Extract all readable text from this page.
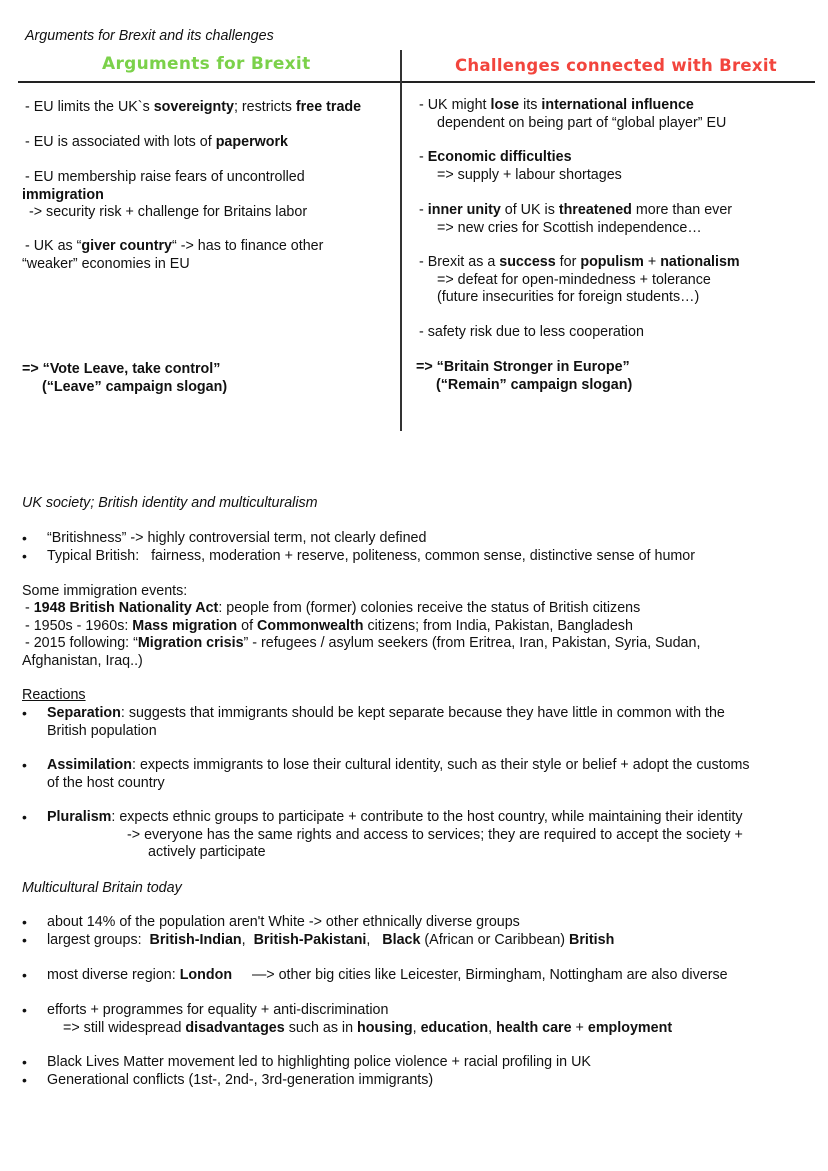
Arguments for Brexit and its challenges
Arguments for Brexit	Challenges connected with Brexit
- EU limits the UK`s sovereignty; restricts free trade
- EU is associated with lots of paperwork
- EU membership raise fears of uncontrolled
immigration
-> security risk + challenge for Britains labor
- UK as “giver country“ -> has to finance other
“weaker” economies in EU
=> “Vote Leave, take control”
(“Leave” campaign slogan)
- UK might lose its international influence
dependent on being part of “global player” EU
- Economic difficulties
=> supply + labour shortages
- inner unity of UK is threatened more than ever
=> new cries for Scottish independence…
- Brexit as a success for populism + nationalism
=> defeat for open-mindedness + tolerance
(future insecurities for foreign students…)
- safety risk due to less cooperation
=> “Britain Stronger in Europe”
(“Remain” campaign slogan)
UK society; British identity and multiculturalism
• “Britishness” -> highly controversial term, not clearly defined
• Typical British:   fairness, moderation + reserve, politeness, common sense, distinctive sense of humor
Some immigration events:
- 1948 British Nationality Act: people from (former) colonies receive the status of British citizens
- 1950s - 1960s: Mass migration of Commonwealth citizens; from India, Pakistan, Bangladesh
- 2015 following: “Migration crisis” - refugees / asylum seekers (from Eritrea, Iran, Pakistan, Syria, Sudan,
Afghanistan, Iraq..)
Reactions
• Separation: suggests that immigrants should be kept separate because they have little in common with the
British population
• Assimilation: expects immigrants to lose their cultural identity, such as their style or belief + adopt the customs
of the host country
• Pluralism: expects ethnic groups to participate + contribute to the host country, while maintaining their identity
-> everyone has the same rights and access to services; they are required to accept the society +
actively participate
Multicultural Britain today
• about 14% of the population aren't White -> other ethnically diverse groups
• largest groups:  British-Indian,  British-Pakistani,   Black (African or Caribbean) British
• most diverse region: London     —> other big cities like Leicester, Birmingham, Nottingham are also diverse
• efforts + programmes for equality + anti-discrimination
=> still widespread disadvantages such as in housing, education, health care + employment
• Black Lives Matter movement led to highlighting police violence + racial profiling in UK
• Generational conflicts (1st-, 2nd-, 3rd-generation immigrants)
